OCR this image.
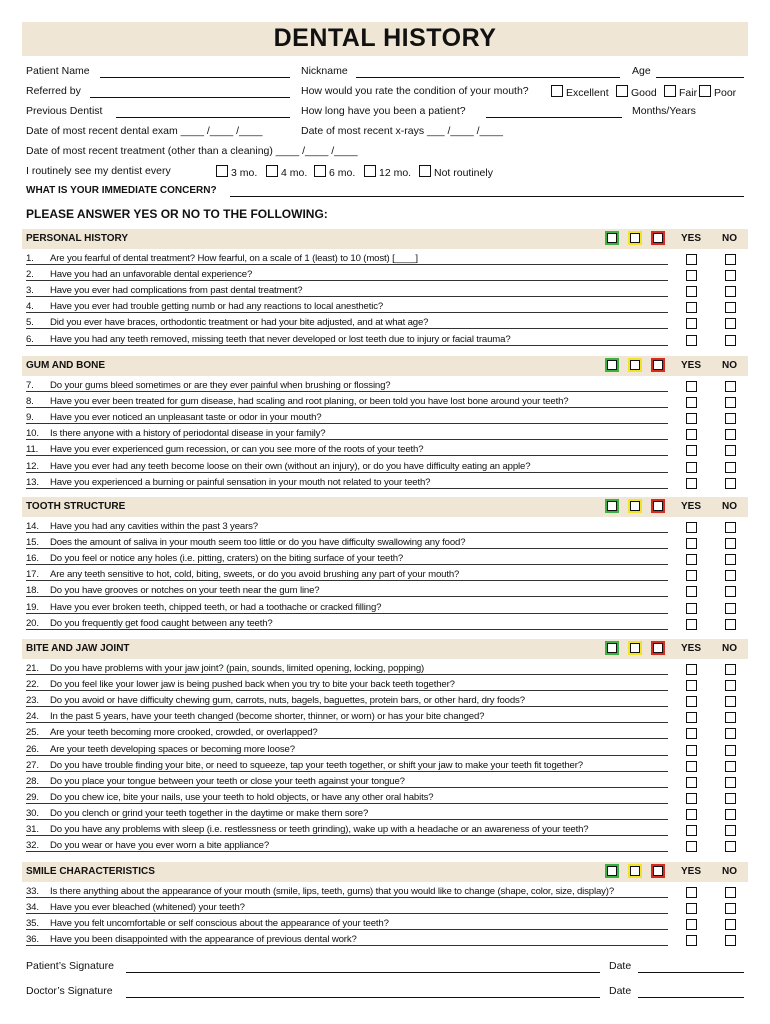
DENTAL HISTORY
Patient Name	Nickname	Age
Referred by	How would you rate the condition of your mouth?	Excellent	Good	Fair	Poor
Previous Dentist	How long have you been a patient?	Months/Years
Date of most recent dental exam ____ /____ /____	Date of most recent x-rays ___ /____ /____
Date of most recent treatment (other than a cleaning) ____ /____ /____
I routinely see my dentist every	3 mo.	4 mo.	6 mo.	12 mo.	Not routinely
WHAT IS YOUR IMMEDIATE CONCERN?
PLEASE ANSWER YES OR NO TO THE FOLLOWING:
PERSONAL HISTORY	YES NO
1. Are you fearful of dental treatment? How fearful, on a scale of 1 (least) to 10 (most) [____]
2. Have you had an unfavorable dental experience?
3. Have you ever had complications from past dental treatment?
4. Have you ever had trouble getting numb or had any reactions to local anesthetic?
5. Did you ever have braces, orthodontic treatment or had your bite adjusted, and at what age?
6. Have you had any teeth removed, missing teeth that never developed or lost teeth due to injury or facial trauma?
GUM AND BONE	YES NO
7. Do your gums bleed sometimes or are they ever painful when brushing or flossing?
8. Have you ever been treated for gum disease, had scaling and root planing, or been told you have lost bone around your teeth?
9. Have you ever noticed an unpleasant taste or odor in your mouth?
10. Is there anyone with a history of periodontal disease in your family?
11. Have you ever experienced gum recession, or can you see more of the roots of your teeth?
12. Have you ever had any teeth become loose on their own (without an injury), or do you have difficulty eating an apple?
13. Have you experienced a burning or painful sensation in your mouth not related to your teeth?
TOOTH STRUCTURE	YES NO
14. Have you had any cavities within the past 3 years?
15. Does the amount of saliva in your mouth seem too little or do you have difficulty swallowing any food?
16. Do you feel or notice any holes (i.e. pitting, craters) on the biting surface of your teeth?
17. Are any teeth sensitive to hot, cold, biting, sweets, or do you avoid brushing any part of your mouth?
18. Do you have grooves or notches on your teeth near the gum line?
19. Have you ever broken teeth, chipped teeth, or had a toothache or cracked filling?
20. Do you frequently get food caught between any teeth?
BITE AND JAW JOINT	YES NO
21. Do you have problems with your jaw joint? (pain, sounds, limited opening, locking, popping)
22. Do you feel like your lower jaw is being pushed back when you try to bite your back teeth together?
23. Do you avoid or have difficulty chewing gum, carrots, nuts, bagels, baguettes, protein bars, or other hard, dry foods?
24. In the past 5 years, have your teeth changed (become shorter, thinner, or worn) or has your bite changed?
25. Are your teeth becoming more crooked, crowded, or overlapped?
26. Are your teeth developing spaces or becoming more loose?
27. Do you have trouble finding your bite, or need to squeeze, tap your teeth together, or shift your jaw to make your teeth fit together?
28. Do you place your tongue between your teeth or close your teeth against your tongue?
29. Do you chew ice, bite your nails, use your teeth to hold objects, or have any other oral habits?
30. Do you clench or grind your teeth together in the daytime or make them sore?
31. Do you have any problems with sleep (i.e. restlessness or teeth grinding), wake up with a headache or an awareness of your teeth?
32. Do you wear or have you ever worn a bite appliance?
SMILE CHARACTERISTICS	YES NO
33. Is there anything about the appearance of your mouth (smile, lips, teeth, gums) that you would like to change (shape, color, size, display)?
34. Have you ever bleached (whitened) your teeth?
35. Have you felt uncomfortable or self conscious about the appearance of your teeth?
36. Have you been disappointed with the appearance of previous dental work?
Patient’s Signature	Date
Doctor’s Signature	Date
